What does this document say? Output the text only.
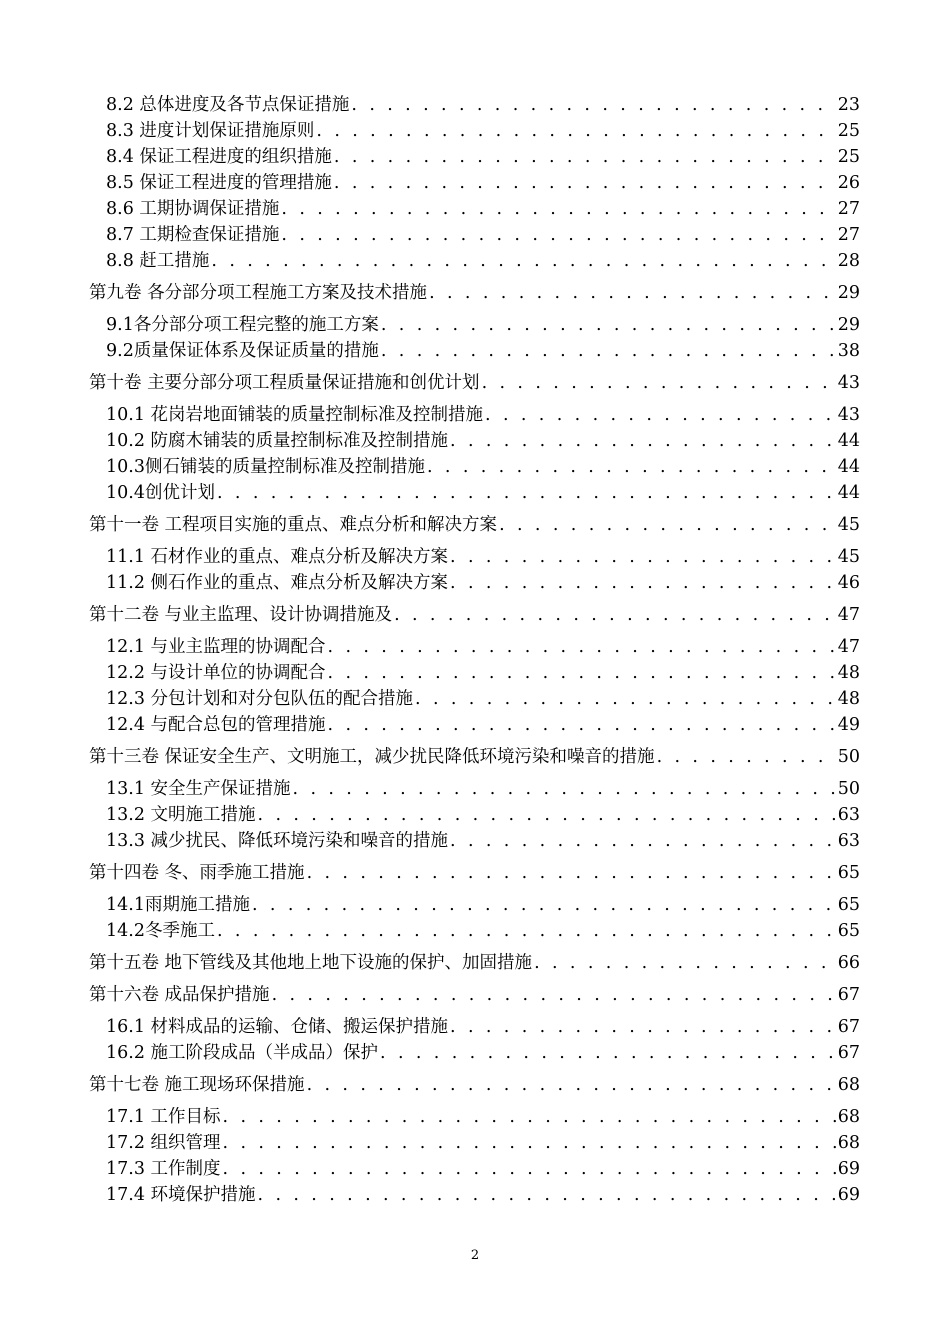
8.2 总体进度及各节点保证措施 . . .	23
8.3 进度计划保证措施原则 . . .	25
8.4 保证工程进度的组织措施 . . .	25
8.5 保证工程进度的管理措施 . . .	26
8.6 工期协调保证措施 . . .	27
8.7 工期检查保证措施 . . .	27
8.8 赶工措施 . . .	28
第九卷 各分部分项工程施工方案及技术措施 . . .	29
9.1各分部分项工程完整的施工方案 . . .	29
9.2质量保证体系及保证质量的措施 . . .	38
第十卷 主要分部分项工程质量保证措施和创优计划 . . .	43
10.1 花岗岩地面铺装的质量控制标准及控制措施 . . .	43
10.2 防腐木铺装的质量控制标准及控制措施 . . .	44
10.3侧石铺装的质量控制标准及控制措施 . . .	44
10.4创优计划 . . .	44
第十一卷 工程项目实施的重点、难点分析和解决方案 . . .	45
11.1 石材作业的重点、难点分析及解决方案 . . .	45
11.2 侧石作业的重点、难点分析及解决方案 . . .	46
第十二卷 与业主监理、设计协调措施及 . . .	47
12.1 与业主监理的协调配合 . . .	47
12.2 与设计单位的协调配合 . . .	48
12.3 分包计划和对分包队伍的配合措施 . . .	48
12.4 与配合总包的管理措施 . . .	49
第十三卷 保证安全生产、文明施工，减少扰民降低环境污染和噪音的措施 . . .	50
13.1 安全生产保证措施 . . .	50
13.2 文明施工措施 . . .	63
13.3 减少扰民、降低环境污染和噪音的措施 . . .	63
第十四卷 冬、雨季施工措施 . . .	65
14.1雨期施工措施 . . .	65
14.2冬季施工 . . .	65
第十五卷 地下管线及其他地上地下设施的保护、加固措施 . . .	66
第十六卷 成品保护措施 . . .	67
16.1 材料成品的运输、仓储、搬运保护措施 . . .	67
16.2 施工阶段成品（半成品）保护 . . .	67
第十七卷 施工现场环保措施 . . .	68
17.1 工作目标 . . .	68
17.2 组织管理 . . .	68
17.3 工作制度 . . .	69
17.4 环境保护措施 . . .	69
2
